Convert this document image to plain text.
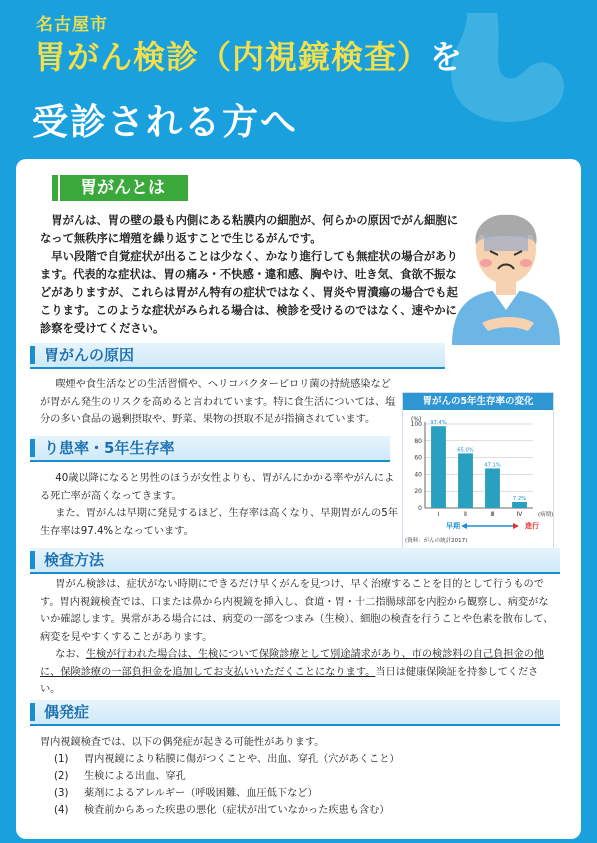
名古屋市
胃がん検診（内視鏡検査）を
受診される方へ
胃がんとは

胃がんは、胃の壁の最も内側にある粘膜内の細胞が、何らかの原因でがん細胞になって無秩序に増殖を繰り返すことで生じるがんです。

早い段階で自覚症状が出ることは少なく、かなり進行しても無症状の場合があります。代表的な症状は、胃の痛み・不快感・違和感、胸やけ、吐き気、食欲不振などがありますが、これらは胃がん特有の症状ではなく、胃炎や胃潰瘍の場合でも起こります。このような症状がみられる場合は、検診を受けるのではなく、速やかに診察を受けてください。

胃がんの原因

喫煙や食生活などの生活習慣や、ヘリコバクターピロリ菌の持続感染などが胃がん発生のリスクを高めると言われています。特に食生活については、塩分の多い食品の過剰摂取や、野菜、果物の摂取不足が指摘されています。

り患率・5年生存率

40歳以降になると男性のほうが女性よりも、胃がんにかかる率やがんによる死亡率が高くなってきます。

また、胃がんは早期に発見するほど、生存率は高くなり、早期胃がんの5年生存率は97.4%となっています。

胃がんの5年生存率の変化
(%)
(病期)
早期	進行
(資料：がんの統計2017)
0
20
40
60
80
100 97.4%
Ⅰ
65.0%
Ⅱ
47.1%
Ⅲ
7.2%
Ⅳ
検査方法

胃がん検診は、症状がない時期にできるだけ早くがんを見つけ、早く治療することを目的として行うものです。胃内視鏡検査では、口または鼻から内視鏡を挿入し、食道・胃・十二指腸球部を内腔から観察し、病変がないか確認します。異常がある場合には、病変の一部をつまみ（生検）、細胞の検査を行うことや色素を散布して、病変を見やすくすることがあります。

なお、生検が行われた場合は、生検について保険診療として別途請求があり、市の検診料の自己負担金の他に、保険診療の一部負担金を追加してお支払いいただくことになります。当日は健康保険証を持参してください。

偶発症
胃内視鏡検査では、以下の偶発症が起きる可能性があります。
(1) 胃内視鏡により粘膜に傷がつくことや、出血、穿孔（穴があくこと）
(2) 生検による出血、穿孔
(3) 薬剤によるアレルギー（呼吸困難、血圧低下など）
(4) 検査前からあった疾患の悪化（症状が出ていなかった疾患も含む）
